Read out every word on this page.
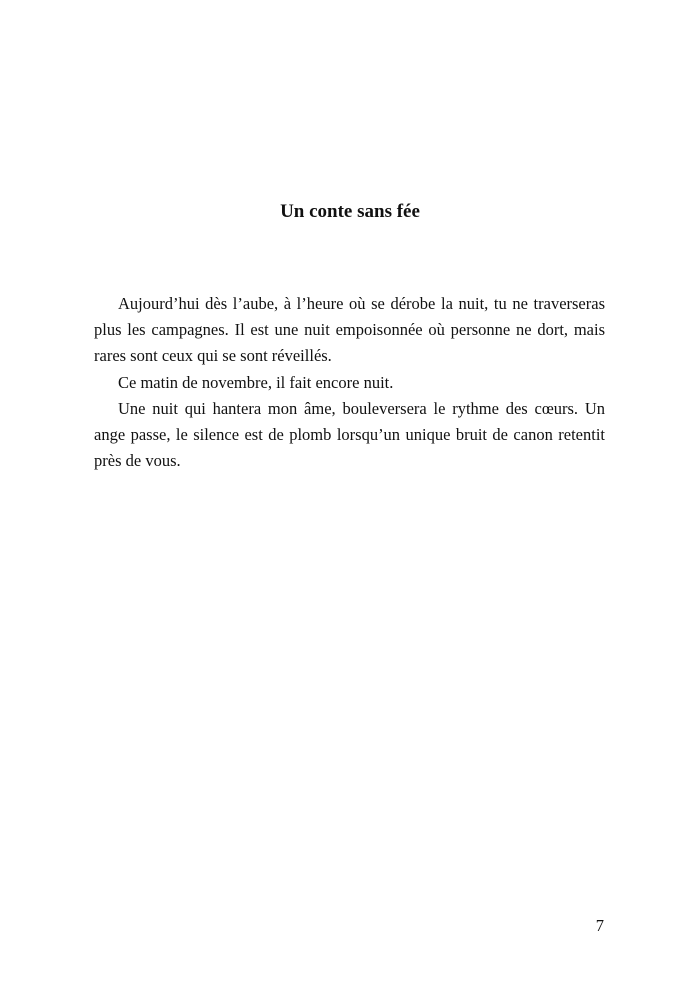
Un conte sans fée

Aujourd’hui dès l’aube, à l’heure où se dérobe la nuit, tu ne traverseras plus les campagnes. Il est une nuit empoisonnée où personne ne dort, mais rares sont ceux qui se sont réveillés.

Ce matin de novembre, il fait encore nuit.

Une nuit qui hantera mon âme, bouleversera le rythme des cœurs. Un ange passe, le silence est de plomb lorsqu’un unique bruit de canon retentit près de vous.

7
